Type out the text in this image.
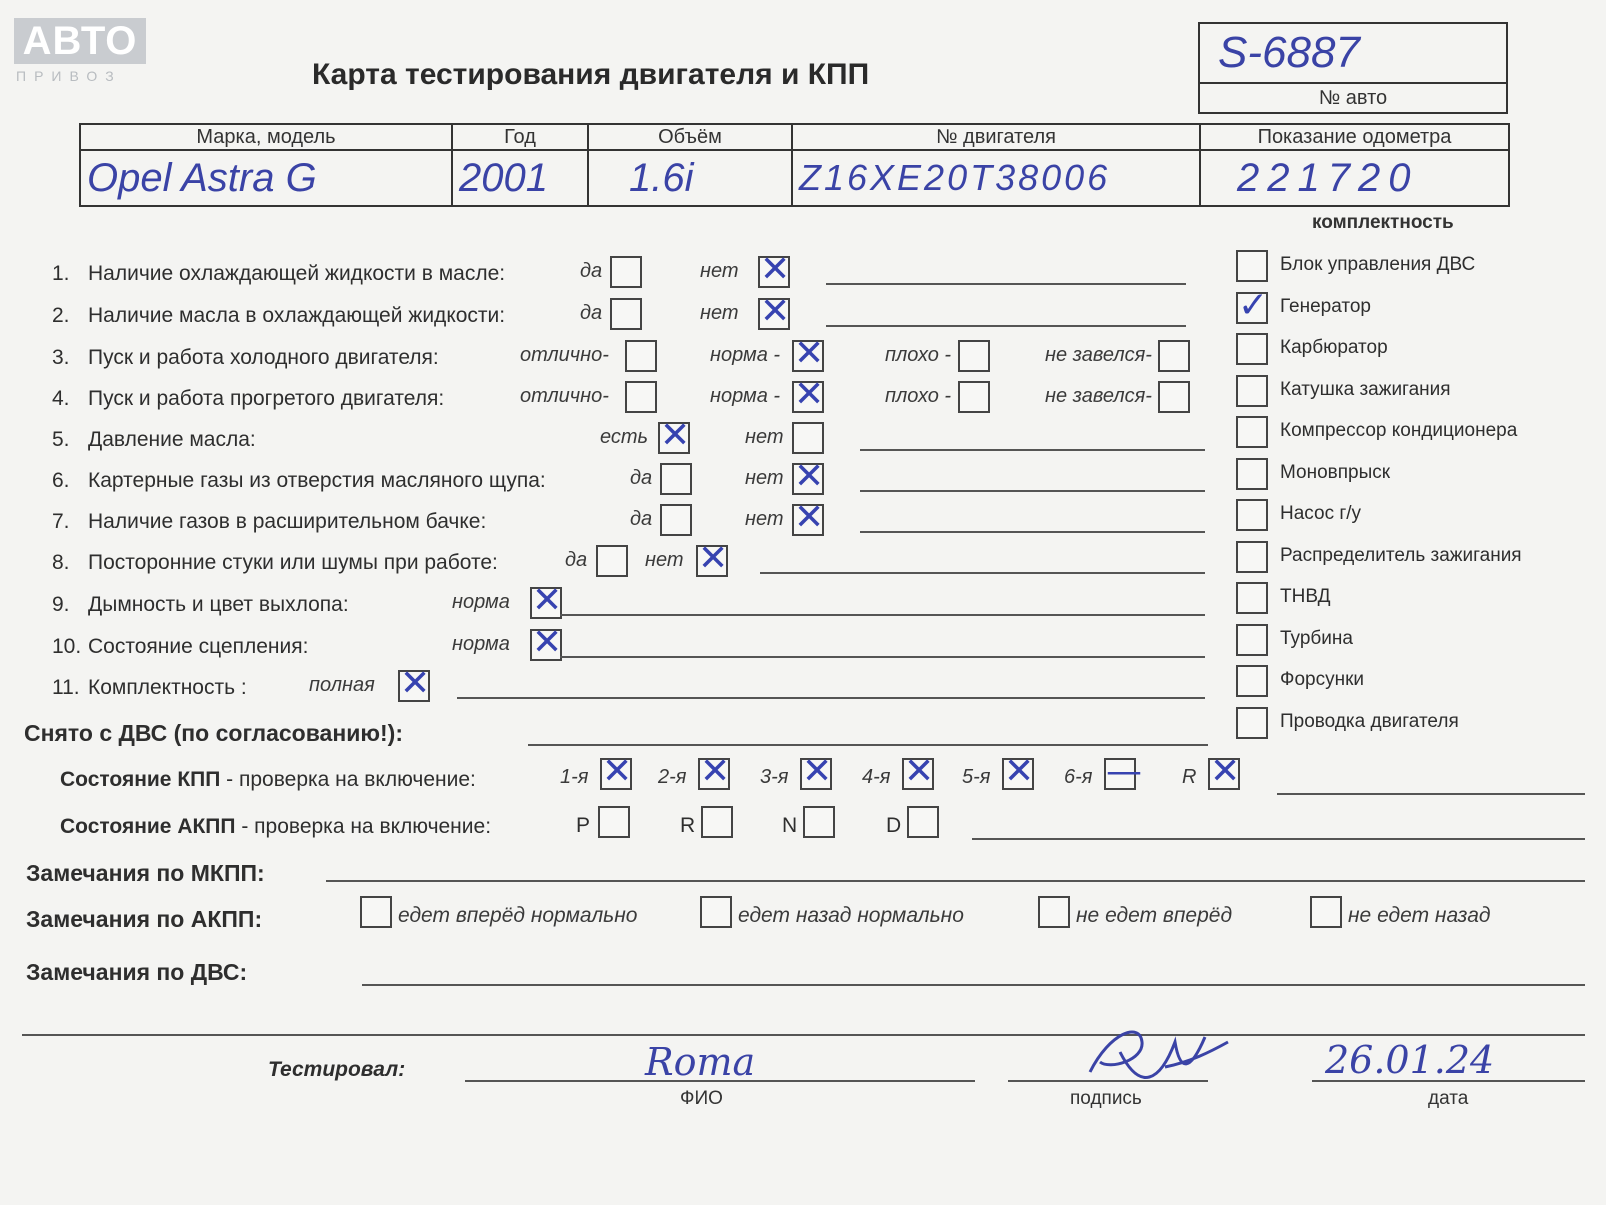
АВТО
ПРИВОЗ	Карта тестирования двигателя и КПП	S-6887
№ авто
Марка, модель	Год	Объём	№ двигателя	Показание одометра
Opel Astra G	2001	1.6i	Z16XE20T38006	221720
1. Наличие охлаждающей жидкости в масле:	да	нет ✕
2. Наличие масла в охлаждающей жидкости:	да	нет ✕
3. Пуск и работа холодного двигателя:	отлично-	норма - ✕	плохо -	не завелся-
4. Пуск и работа прогретого двигателя:	отлично-	норма - ✕	плохо -	не завелся-
5. Давление масла:	есть ✕	нет
6. Картерные газы из отверстия масляного щупа:	да	нет ✕
7. Наличие газов в расширительном бачке:	да	нет ✕
8. Посторонние стуки или шумы при работе:	да	нет ✕
9. Дымность и цвет выхлопа:	норма ✕
10. Состояние сцепления:	норма ✕
11. Комплектность :	полная ✕
Снято с ДВС (по согласованию!):
Состояние КПП - проверка на включение:	1-я ✕ 2-я ✕ 3-я ✕ 4-я ✕ 5-я ✕ 6-я — R ✕
Состояние АКПП - проверка на включение:	P	R	N	D
Замечания по МКПП:
Замечания по АКПП:	едет вперёд нормально	едет назад нормально	не едет вперёд	не едет назад
Замечания по ДВС:
комплектность
Блок управления ДВС
✓ Генератор
Карбюратор
Катушка зажигания
Компрессор кондиционера
Моновпрыск
Насос г/у
Распределитель зажигания
ТНВД
Турбина
Форсунки
Проводка двигателя
Тестировал:	Roma
ФИО	подпись
26.01.24
дата
